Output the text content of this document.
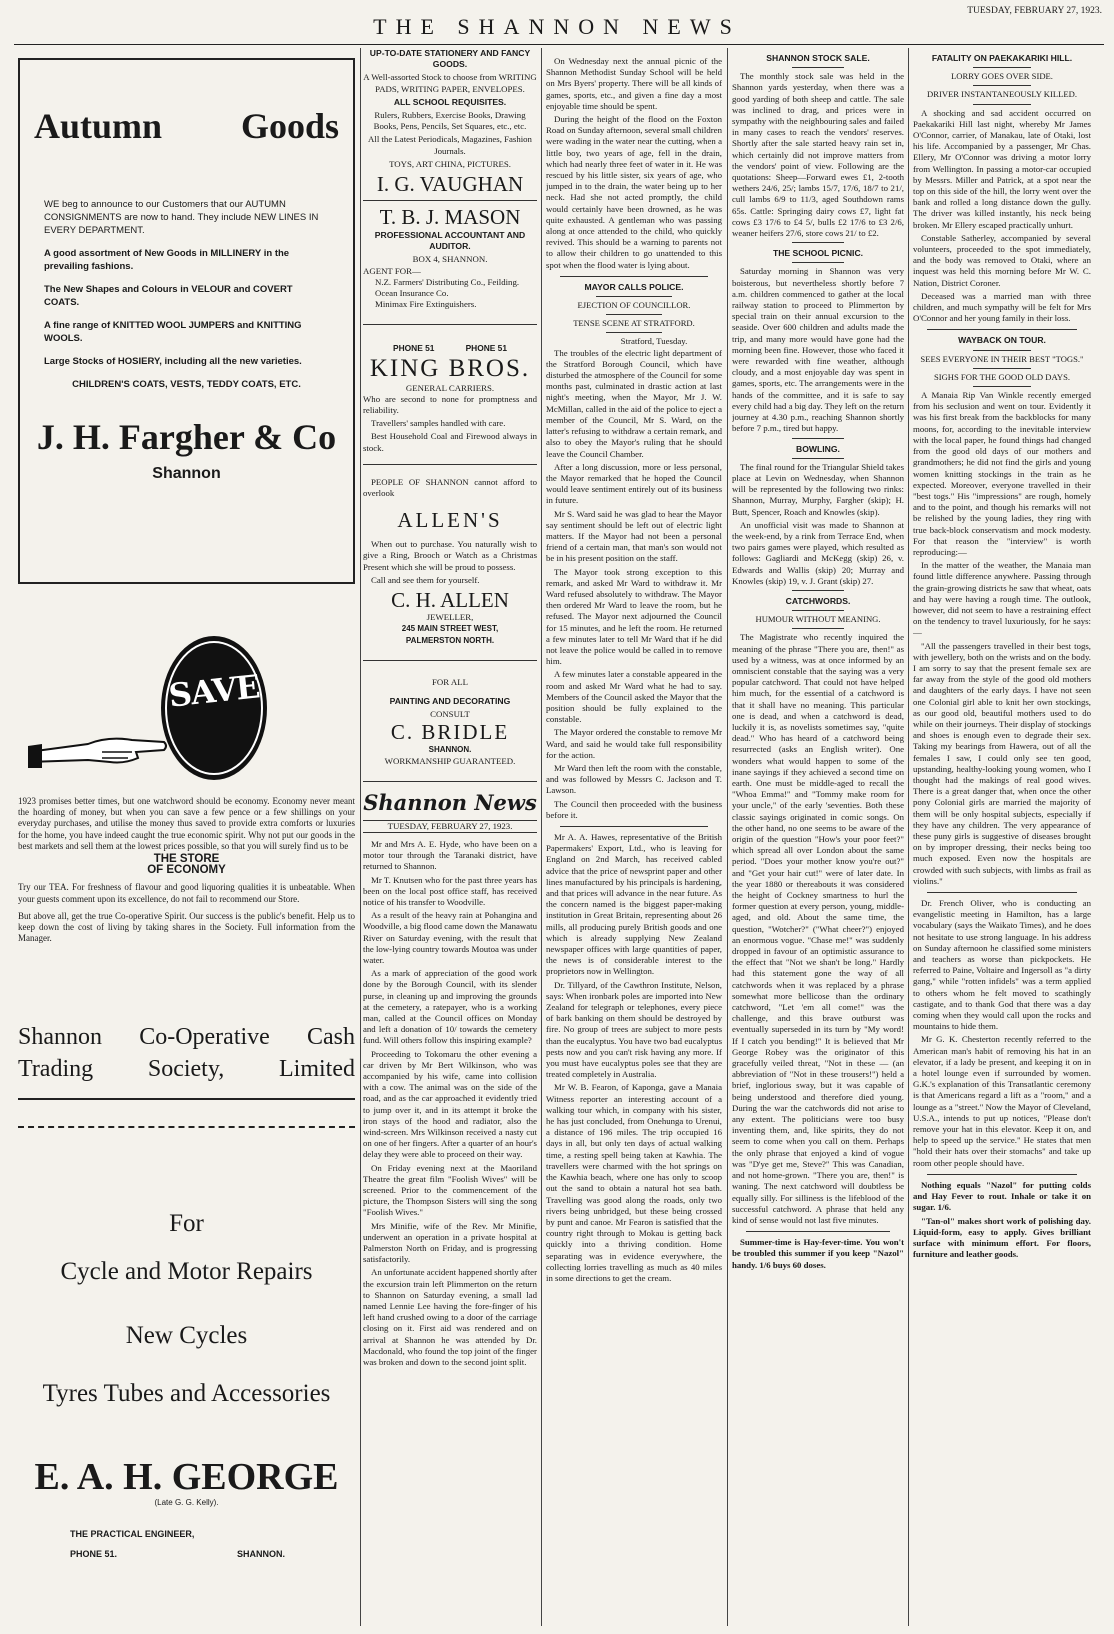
THE SHANNON NEWS
TUESDAY, FEBRUARY 27, 1923.
Autumn Goods

WE beg to announce to our Customers that our AUTUMN CONSIGNMENTS are now to hand. They include NEW LINES IN EVERY DEPARTMENT.

A good assortment of New Goods in MILLINERY in the prevailing fashions.

The New Shapes and Colours in VELOUR and COVERT COATS.

A fine range of KNITTED WOOL JUMPERS and KNITTING WOOLS.

Large Stocks of HOSIERY, including all the new varieties.

CHILDREN'S COATS, VESTS, TEDDY COATS, ETC.

J. H. Fargher & Co
Shannon
SAVE

1923 promises better times, but one watchword should be economy. Economy never meant the hoarding of money, but when you can save a few pence or a few shillings on your everyday purchases, and utilise the money thus saved to provide extra comforts or luxuries for the home, you have indeed caught the true economic spirit. Why not put our goods in the best markets and sell them at the lowest prices possible, so that you will surely find us to be

THE STORE
OF ECONOMY

Try our TEA. For freshness of flavour and good liquoring qualities it is unbeatable. When your guests comment upon its excellence, do not fail to recommend our Store.

But above all, get the true Co-operative Spirit. Our success is the public's benefit. Help us to keep down the cost of living by taking shares in the Society. Full information from the Manager.

Shannon Co-Operative Cash
Trading Society, Limited
For
Cycle and Motor Repairs
New Cycles
Tyres Tubes and Accessories
E. A. H. GEORGE
(Late G. G. Kelly).
THE PRACTICAL ENGINEER,
PHONE 51.	SHANNON.
UP-TO-DATE STATIONERY AND FANCY GOODS.

A Well-assorted Stock to choose from WRITING PADS, WRITING PAPER, ENVELOPES.

ALL SCHOOL REQUISITES.

Rulers, Rubbers, Exercise Books, Drawing Books, Pens, Pencils, Set Squares, etc., etc.

All the Latest Periodicals, Magazines, Fashion Journals.

TOYS, ART CHINA, PICTURES.

I. G. VAUGHAN
T. B. J. MASON
PROFESSIONAL ACCOUNTANT AND AUDITOR.
BOX 4, SHANNON.
AGENT FOR—
N.Z. Farmers' Distributing Co., Feilding.
Ocean Insurance Co.
Minimax Fire Extinguishers.
PHONE 51	PHONE 51
KING BROS.
GENERAL CARRIERS.

Who are second to none for promptness and reliability.

Travellers' samples handled with care.

Best Household Coal and Firewood always in stock.

PEOPLE OF SHANNON cannot afford to overlook

ALLEN'S

When out to purchase. You naturally wish to give a Ring, Brooch or Watch as a Christmas Present which she will be proud to possess.

Call and see them for yourself.

C. H. ALLEN
JEWELLER,
245 MAIN STREET WEST,
PALMERSTON NORTH.
FOR ALL
PAINTING AND DECORATING
CONSULT
C. BRIDLE
SHANNON.
WORKMANSHIP GUARANTEED.
Shannon News
TUESDAY, FEBRUARY 27, 1923.

Mr and Mrs A. E. Hyde, who have been on a motor tour through the Taranaki district, have returned to Shannon.

Mr T. Knutsen who for the past three years has been on the local post office staff, has received notice of his transfer to Woodville.

As a result of the heavy rain at Pohangina and Woodville, a big flood came down the Manawatu River on Saturday evening, with the result that the low-lying country towards Moutoa was under water.

As a mark of appreciation of the good work done by the Borough Council, with its slender purse, in cleaning up and improving the grounds at the cemetery, a ratepayer, who is a working man, called at the Council offices on Monday and left a donation of 10/ towards the cemetery fund. Will others follow this inspiring example?

Proceeding to Tokomaru the other evening a car driven by Mr Bert Wilkinson, who was accompanied by his wife, came into collision with a cow. The animal was on the side of the road, and as the car approached it evidently tried to jump over it, and in its attempt it broke the iron stays of the hood and radiator, also the wind-screen. Mrs Wilkinson received a nasty cut on one of her fingers. After a quarter of an hour's delay they were able to proceed on their way.

On Friday evening next at the Maoriland Theatre the great film "Foolish Wives" will be screened. Prior to the commencement of the picture, the Thompson Sisters will sing the song "Foolish Wives."

Mrs Minifie, wife of the Rev. Mr Minifie, underwent an operation in a private hospital at Palmerston North on Friday, and is progressing satisfactorily.

An unfortunate accident happened shortly after the excursion train left Plimmerton on the return to Shannon on Saturday evening, a small lad named Lennie Lee having the fore-finger of his left hand crushed owing to a door of the carriage closing on it. First aid was rendered and on arrival at Shannon he was attended by Dr. Macdonald, who found the top joint of the finger was broken and down to the second joint split.

On Wednesday next the annual picnic of the Shannon Methodist Sunday School will be held on Mrs Byers' property. There will be all kinds of games, sports, etc., and given a fine day a most enjoyable time should be spent.

During the height of the flood on the Foxton Road on Sunday afternoon, several small children were wading in the water near the cutting, when a little boy, two years of age, fell in the drain, which had nearly three feet of water in it. He was rescued by his little sister, six years of age, who jumped in to the drain, the water being up to her neck. Had she not acted promptly, the child would certainly have been drowned, as he was quite exhausted. A gentleman who was passing along at once attended to the child, who quickly revived. This should be a warning to parents not to allow their children to go unattended to this spot when the flood water is lying about.

MAYOR CALLS POLICE.
EJECTION OF COUNCILLOR.
TENSE SCENE AT STRATFORD.
Stratford, Tuesday.

The troubles of the electric light department of the Stratford Borough Council, which have disturbed the atmosphere of the Council for some months past, culminated in drastic action at last night's meeting, when the Mayor, Mr J. W. McMillan, called in the aid of the police to eject a member of the Council, Mr S. Ward, on the latter's refusing to withdraw a certain remark, and also to obey the Mayor's ruling that he should leave the Council Chamber.

After a long discussion, more or less personal, the Mayor remarked that he hoped the Council would leave sentiment entirely out of its business in future.

Mr S. Ward said he was glad to hear the Mayor say sentiment should be left out of electric light matters. If the Mayor had not been a personal friend of a certain man, that man's son would not be in his present position on the staff.

The Mayor took strong exception to this remark, and asked Mr Ward to withdraw it. Mr Ward refused absolutely to withdraw. The Mayor then ordered Mr Ward to leave the room, but he refused. The Mayor next adjourned the Council for 15 minutes, and he left the room. He returned a few minutes later to tell Mr Ward that if he did not leave the police would be called in to remove him.

A few minutes later a constable appeared in the room and asked Mr Ward what he had to say. Members of the Council asked the Mayor that the position should be fully explained to the constable.

The Mayor ordered the constable to remove Mr Ward, and said he would take full responsibility for the action.

Mr Ward then left the room with the constable, and was followed by Messrs C. Jackson and T. Lawson.

The Council then proceeded with the business before it.

Mr A. A. Hawes, representative of the British Papermakers' Export, Ltd., who is leaving for England on 2nd March, has received cabled advice that the price of newsprint paper and other lines manufactured by his principals is hardening, and that prices will advance in the near future. As the concern named is the biggest paper-making institution in Great Britain, representing about 26 mills, all producing purely British goods and one which is already supplying New Zealand newspaper offices with large quantities of paper, the news is of considerable interest to the proprietors now in Wellington.

Dr. Tillyard, of the Cawthron Institute, Nelson, says: When ironbark poles are imported into New Zealand for telegraph or telephones, every piece of bark banking on them should be destroyed by fire. No group of trees are subject to more pests than the eucalyptus. You have two bad eucalyptus pests now and you can't risk having any more. If you must have eucalyptus poles see that they are treated completely in Australia.

Mr W. B. Fearon, of Kaponga, gave a Manaia Witness reporter an interesting account of a walking tour which, in company with his sister, he has just concluded, from Onehunga to Urenui, a distance of 196 miles. The trip occupied 16 days in all, but only ten days of actual walking time, a resting spell being taken at Kawhia. The travellers were charmed with the hot springs on the Kawhia beach, where one has only to scoop out the sand to obtain a natural hot sea bath. Travelling was good along the roads, only two rivers being unbridged, but these being crossed by punt and canoe. Mr Fearon is satisfied that the country right through to Mokau is getting back quickly into a thriving condition. Home separating was in evidence everywhere, the collecting lorries travelling as much as 40 miles in some directions to get the cream.

SHANNON STOCK SALE.

The monthly stock sale was held in the Shannon yards yesterday, when there was a good yarding of both sheep and cattle. The sale was inclined to drag, and prices were in sympathy with the neighbouring sales and failed in many cases to reach the vendors' reserves. Shortly after the sale started heavy rain set in, which certainly did not improve matters from the vendors' point of view. Following are the quotations: Sheep—Forward ewes £1, 2-tooth wethers 24/6, 25/; lambs 15/7, 17/6, 18/7 to 21/, cull lambs 6/9 to 11/3, aged Southdown rams 65s. Cattle: Springing dairy cows £7, light fat cows £3 17/6 to £4 5/, bulls £2 17/6 to £3 2/6, weaner heifers 27/6, store cows 21/ to £2.

THE SCHOOL PICNIC.

Saturday morning in Shannon was very boisterous, but nevertheless shortly before 7 a.m. children commenced to gather at the local railway station to proceed to Plimmerton by special train on their annual excursion to the seaside. Over 600 children and adults made the trip, and many more would have gone had the morning been fine. However, those who faced it were rewarded with fine weather, although cloudy, and a most enjoyable day was spent in games, sports, etc. The arrangements were in the hands of the committee, and it is safe to say every child had a big day. They left on the return journey at 4.30 p.m., reaching Shannon shortly before 7 p.m., tired but happy.

BOWLING.

The final round for the Triangular Shield takes place at Levin on Wednesday, when Shannon will be represented by the following two rinks: Shannon, Murray, Murphy, Fargher (skip); H. Butt, Spencer, Roach and Knowles (skip).

An unofficial visit was made to Shannon at the week-end, by a rink from Terrace End, when two pairs games were played, which resulted as follows: Gagliardi and McKegg (skip) 26, v. Edwards and Wallis (skip) 20; Murray and Knowles (skip) 19, v. J. Grant (skip) 27.

CATCHWORDS.
HUMOUR WITHOUT MEANING.

The Magistrate who recently inquired the meaning of the phrase "There you are, then!" as used by a witness, was at once informed by an omniscient constable that the saying was a very popular catchword. That could not have helped him much, for the essential of a catchword is that it shall have no meaning. This particular one is dead, and when a catchword is dead, luckily it is, as novelists sometimes say, "quite dead." Who has heard of a catchword being resurrected (asks an English writer). One wonders what would happen to some of the inane sayings if they achieved a second time on earth. One must be middle-aged to recall the "Whoa Emma!" and "Tommy make room for your uncle," of the early 'seventies. Both these classic sayings originated in comic songs. On the other hand, no one seems to be aware of the origin of the question "How's your poor feet?" which spread all over London about the same period. "Does your mother know you're out?" and "Get your hair cut!" were of later date. In the year 1880 or thereabouts it was considered the height of Cockney smartness to hurl the former question at every person, young, middle-aged, and old. About the same time, the question, "Wotcher?" ("What cheer?") enjoyed an enormous vogue. "Chase me!" was suddenly dropped in favour of an optimistic assurance to the effect that "Not we shan't be long." Hardly had this statement gone the way of all catchwords when it was replaced by a phrase somewhat more bellicose than the ordinary catchword, "Let 'em all come!" was the challenge, and this brave outburst was eventually superseded in its turn by "My word! If I catch you bending!" It is believed that Mr George Robey was the originator of this gracefully veiled threat, "Not in these — (an abbreviation of "Not in these trousers!") held a brief, inglorious sway, but it was capable of being understood and therefore died young. During the war the catchwords did not arise to any extent. The politicians were too busy inventing them, and, like spirits, they do not seem to come when you call on them. Perhaps the only phrase that enjoyed a kind of vogue was "D'ye get me, Steve?" This was Canadian, and not home-grown. "There you are, then!" is waning. The next catchword will doubtless be equally silly. For silliness is the lifeblood of the successful catchword. A phrase that held any kind of sense would not last five minutes.

Summer-time is Hay-fever-time. You won't be troubled this summer if you keep "Nazol" handy. 1/6 buys 60 doses.

FATALITY ON PAEKAKARIKI HILL.
LORRY GOES OVER SIDE.
DRIVER INSTANTANEOUSLY KILLED.

A shocking and sad accident occurred on Paekakariki Hill last night, whereby Mr James O'Connor, carrier, of Manakau, late of Otaki, lost his life. Accompanied by a passenger, Mr Chas. Ellery, Mr O'Connor was driving a motor lorry from Wellington. In passing a motor-car occupied by Messrs. Miller and Patrick, at a spot near the top on this side of the hill, the lorry went over the bank and rolled a long distance down the gully. The driver was killed instantly, his neck being broken. Mr Ellery escaped practically unhurt.

Constable Satherley, accompanied by several volunteers, proceeded to the spot immediately, and the body was removed to Otaki, where an inquest was held this morning before Mr W. C. Nation, District Coroner.

Deceased was a married man with three children, and much sympathy will be felt for Mrs O'Connor and her young family in their loss.

WAYBACK ON TOUR.
SEES EVERYONE IN THEIR BEST "TOGS."
SIGHS FOR THE GOOD OLD DAYS.

A Manaia Rip Van Winkle recently emerged from his seclusion and went on tour. Evidently it was his first break from the backblocks for many moons, for, according to the inevitable interview with the local paper, he found things had changed from the good old days of our mothers and grandmothers; he did not find the girls and young women knitting stockings in the train as he expected. Moreover, everyone travelled in their "best togs." His "impressions" are rough, homely and to the point, and though his remarks will not be relished by the young ladies, they ring with true back-block conservatism and mock modesty. For that reason the "interview" is worth reproducing:—

In the matter of the weather, the Manaia man found little difference anywhere. Passing through the grain-growing districts he saw that wheat, oats and hay were having a rough time. The outlook, however, did not seem to have a restraining effect on the tendency to travel luxuriously, for he says:—

"All the passengers travelled in their best togs, with jewellery, both on the wrists and on the body. I am sorry to say that the present female sex are far away from the style of the good old mothers and daughters of the early days. I have not seen one Colonial girl able to knit her own stockings, as our good old, beautiful mothers used to do while on their journeys. Their display of stockings and shoes is enough even to degrade their sex. Taking my bearings from Hawera, out of all the females I saw, I could only see ten good, upstanding, healthy-looking young women, who I thought had the makings of real good wives. There is a great danger that, when once the other pony Colonial girls are married the majority of them will be only hospital subjects, especially if they have any children. The very appearance of these puny girls is suggestive of diseases brought on by improper dressing, their necks being too much exposed. Even now the hospitals are crowded with such subjects, with limbs as frail as violins."

Dr. French Oliver, who is conducting an evangelistic meeting in Hamilton, has a large vocabulary (says the Waikato Times), and he does not hesitate to use strong language. In his address on Sunday afternoon he classified some ministers and teachers as worse than pickpockets. He referred to Paine, Voltaire and Ingersoll as "a dirty gang," while "rotten infidels" was a term applied to others whom he felt moved to scathingly castigate, and to thank God that there was a day coming when they would call upon the rocks and mountains to hide them.

Mr G. K. Chesterton recently referred to the American man's habit of removing his hat in an elevator, if a lady be present, and keeping it on in a hotel lounge even if surrounded by women. G.K.'s explanation of this Transatlantic ceremony is that Americans regard a lift as a "room," and a lounge as a "street." Now the Mayor of Cleveland, U.S.A., intends to put up notices, "Please don't remove your hat in this elevator. Keep it on, and help to speed up the service." He states that men "hold their hats over their stomachs" and take up room other people should have.

Nothing equals "Nazol" for putting colds and Hay Fever to rout. Inhale or take it on sugar. 1/6.

"Tan-ol" makes short work of polishing day. Liquid-form, easy to apply. Gives brilliant surface with minimum effort. For floors, furniture and leather goods.
